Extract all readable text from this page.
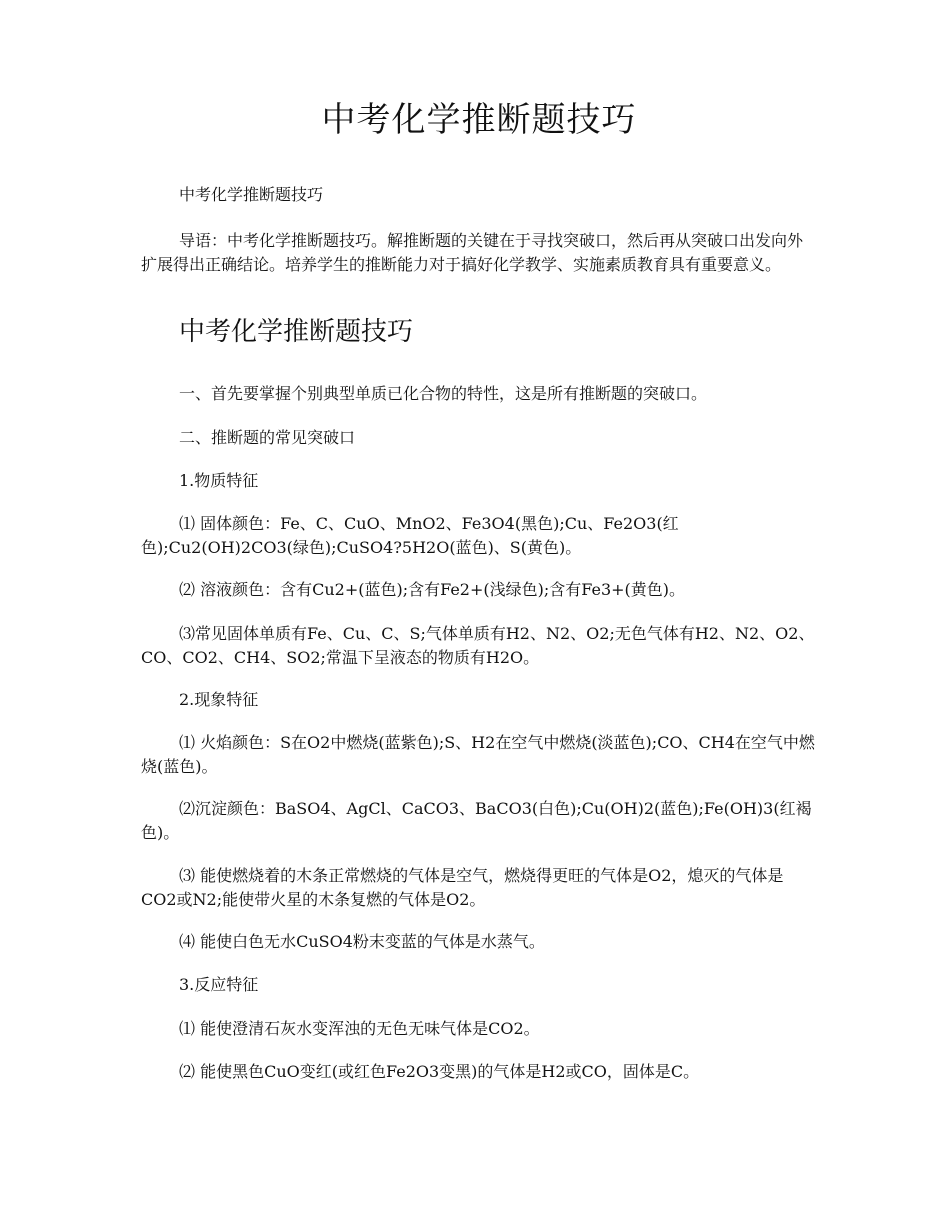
中考化学推断题技巧

中考化学推断题技巧

导语：中考化学推断题技巧。解推断题的关键在于寻找突破口，然后再从突破口出发向外扩展得出正确结论。培养学生的推断能力对于搞好化学教学、实施素质教育具有重要意义。

中考化学推断题技巧

一、首先要掌握个别典型单质已化合物的特性，这是所有推断题的突破口。

二、推断题的常见突破口

1.物质特征

⑴ 固体颜色：Fe、C、CuO、MnO2、Fe3O4(黑色);Cu、Fe2O3(红色);Cu2(OH)2CO3(绿色);CuSO4?5H2O(蓝色)、S(黄色)。

⑵ 溶液颜色：含有Cu2+(蓝色);含有Fe2+(浅绿色);含有Fe3+(黄色)。

⑶常见固体单质有Fe、Cu、C、S;气体单质有H2、N2、O2;无色气体有H2、N2、O2、CO、CO2、CH4、SO2;常温下呈液态的物质有H2O。

2.现象特征

⑴ 火焰颜色：S在O2中燃烧(蓝紫色);S、H2在空气中燃烧(淡蓝色);CO、CH4在空气中燃烧(蓝色)。

⑵沉淀颜色：BaSO4、AgCl、CaCO3、BaCO3(白色);Cu(OH)2(蓝色);Fe(OH)3(红褐色)。

⑶ 能使燃烧着的木条正常燃烧的气体是空气，燃烧得更旺的气体是O2，熄灭的气体是CO2或N2;能使带火星的木条复燃的气体是O2。

⑷ 能使白色无水CuSO4粉末变蓝的气体是水蒸气。

3.反应特征

⑴ 能使澄清石灰水变浑浊的无色无味气体是CO2。

⑵ 能使黑色CuO变红(或红色Fe2O3变黑)的气体是H2或CO，固体是C。
